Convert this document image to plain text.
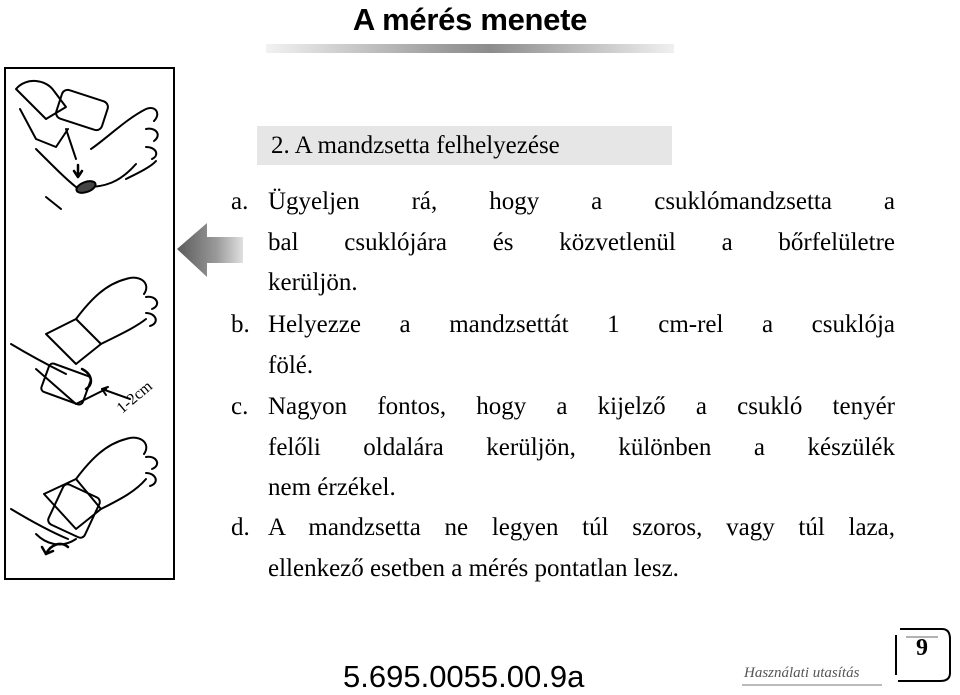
A mérés menete
1-2cm
2. A mandzsetta felhelyezése
a. Ügyeljen rá, hogy a csuklómandzsetta a
bal csuklójára és közvetlenül a bőrfelületre
kerüljön.
b. Helyezze a mandzsettát 1 cm-rel a csuklója
fölé.
c. Nagyon fontos, hogy a kijelző a csukló tenyér
felőli oldalára kerüljön, különben a készülék
nem érzékel.
d. A mandzsetta ne legyen túl szoros, vagy túl laza,
ellenkező esetben a mérés pontatlan lesz.
5.695.0055.00.9a	Használati utasítás
9
